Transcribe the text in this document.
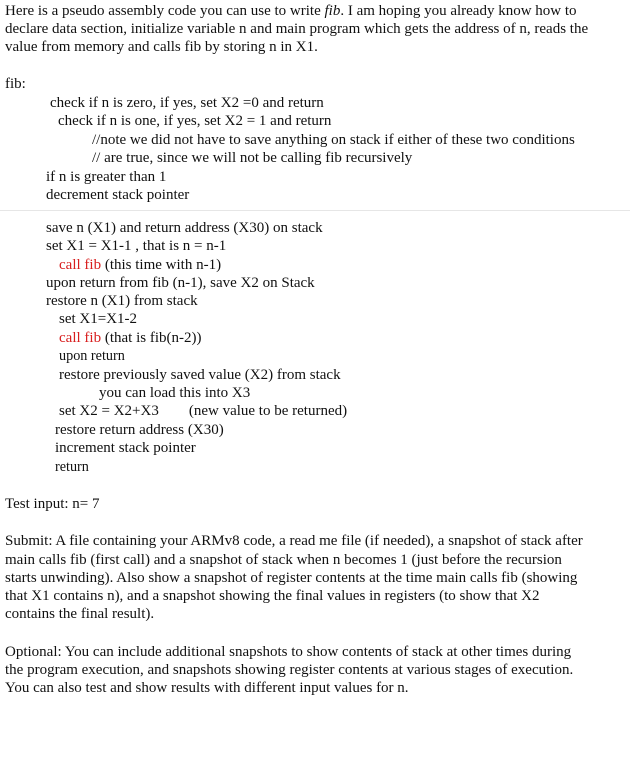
Here is a pseudo assembly code you can use to write fib. I am hoping you already know how to
declare data section, initialize variable n and main program which gets the address of n, reads the
value from memory and calls fib by storing n in X1.
fib:
check if n is zero, if yes, set X2 =0 and return
check if n is one, if yes, set X2 = 1 and return
//note we did not have to save anything on stack if either of these two conditions
// are true, since we will not be calling fib recursively
if n is greater than 1
decrement stack pointer
save n (X1) and return address (X30) on stack
set X1 = X1-1 , that is n = n-1
call fib (this time with n-1)
upon return from fib (n-1), save X2 on Stack
restore n (X1) from stack
set X1=X1-2
call fib (that is fib(n-2))
upon return
restore previously saved value (X2) from stack
you can load this into X3
set X2 = X2+X3 (new value to be returned)
restore return address (X30)
increment stack pointer
return
Test input: n= 7
Submit: A file containing your ARMv8 code, a read me file (if needed), a snapshot of stack after
main calls fib (first call) and a snapshot of stack when n becomes 1 (just before the recursion
starts unwinding). Also show a snapshot of register contents at the time main calls fib (showing
that X1 contains n), and a snapshot showing the final values in registers (to show that X2
contains the final result).
Optional: You can include additional snapshots to show contents of stack at other times during
the program execution, and snapshots showing register contents at various stages of execution.
You can also test and show results with different input values for n.
